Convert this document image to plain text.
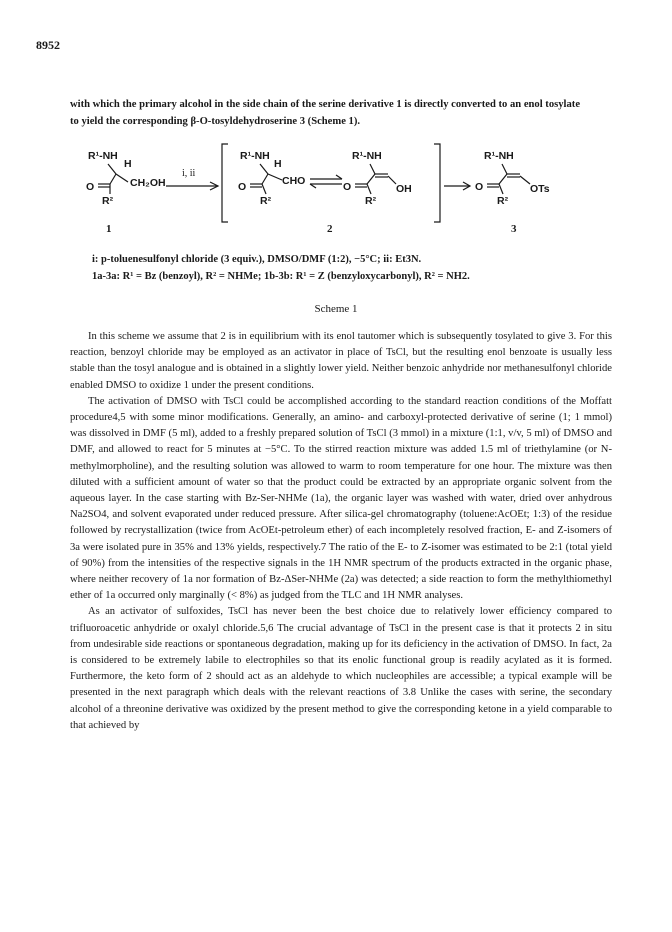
8952

with which the primary alcohol in the side chain of the serine derivative 1 is directly converted to an enol tosylate

to yield the corresponding β-O-tosyldehydroserine 3 (Scheme 1).

R¹-NH
H
O	CH₂OH
R²
1
i, ii
R¹-NH
H
O	CHO
R²
R¹-NH
O	OH
R²
2
R¹-NH
O	OTs
R²
3

i: p-toluenesulfonyl chloride (3 equiv.), DMSO/DMF (1:2), −5°C; ii: Et3N.

1a-3a: R¹ = Bz (benzoyl), R² = NHMe; 1b-3b: R¹ = Z (benzyloxycarbonyl), R² = NH2.

Scheme 1

In this scheme we assume that 2 is in equilibrium with its enol tautomer which is subsequently tosylated to give 3. For this reaction, benzoyl chloride may be employed as an activator in place of TsCl, but the resulting enol benzoate is usually less stable than the tosyl analogue and is obtained in a slightly lower yield. Neither benzoic anhydride nor methanesulfonyl chloride enabled DMSO to oxidize 1 under the present conditions.

The activation of DMSO with TsCl could be accomplished according to the standard reaction conditions of the Moffatt procedure4,5 with some minor modifications. Generally, an amino- and carboxyl-protected derivative of serine (1; 1 mmol) was dissolved in DMF (5 ml), added to a freshly prepared solution of TsCl (3 mmol) in a mixture (1:1, v/v, 5 ml) of DMSO and DMF, and allowed to react for 5 minutes at −5°C. To the stirred reaction mixture was added 1.5 ml of triethylamine (or N-methylmorpholine), and the resulting solution was allowed to warm to room temperature for one hour. The mixture was then diluted with a sufficient amount of water so that the product could be extracted by an appropriate organic solvent from the aqueous layer. In the case starting with Bz-Ser-NHMe (1a), the organic layer was washed with water, dried over anhydrous Na2SO4, and solvent evaporated under reduced pressure. After silica-gel chromatography (toluene:AcOEt; 1:3) of the residue followed by recrystallization (twice from AcOEt-petroleum ether) of each incompletely resolved fraction, E- and Z-isomers of 3a were isolated pure in 35% and 13% yields, respectively.7 The ratio of the E- to Z-isomer was estimated to be 2:1 (total yield of 90%) from the intensities of the respective signals in the 1H NMR spectrum of the products extracted in the organic phase, where neither recovery of 1a nor formation of Bz-ΔSer-NHMe (2a) was detected; a side reaction to form the methylthiomethyl ether of 1a occurred only marginally (< 8%) as judged from the TLC and 1H NMR analyses.

As an activator of sulfoxides, TsCl has never been the best choice due to relatively lower efficiency compared to trifluoroacetic anhydride or oxalyl chloride.5,6 The crucial advantage of TsCl in the present case is that it protects 2 in situ from undesirable side reactions or spontaneous degradation, making up for its deficiency in the activation of DMSO. In fact, 2a is considered to be extremely labile to electrophiles so that its enolic functional group is readily acylated as it is formed. Furthermore, the keto form of 2 should act as an aldehyde to which nucleophiles are accessible; a typical example will be presented in the next paragraph which deals with the relevant reactions of 3.8 Unlike the cases with serine, the secondary alcohol of a threonine derivative was oxidized by the present method to give the corresponding ketone in a yield comparable to that achieved by
